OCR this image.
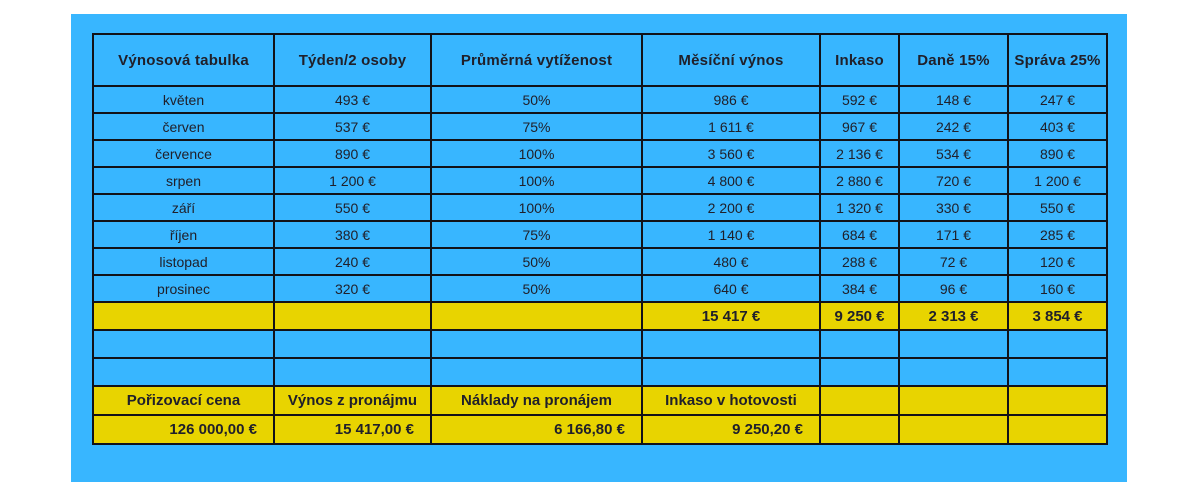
Výnosová tabulka	Týden/2 osoby	Průměrná vytíženost	Měsíční výnos	Inkaso	Daně 15%	Správa 25%
květen	493 €	50%	986 €	592 €	148 €	247 €
červen	537 €	75%	1 611 €	967 €	242 €	403 €
července	890 €	100%	3 560 €	2 136 €	534 €	890 €
srpen	1 200 €	100%	4 800 €	2 880 €	720 €	1 200 €
září	550 €	100%	2 200 €	1 320 €	330 €	550 €
říjen	380 €	75%	1 140 €	684 €	171 €	285 €
listopad	240 €	50%	480 €	288 €	72 €	120 €
prosinec	320 €	50%	640 €	384 €	96 €	160 €
			15 417 €	9 250 €	2 313 €	3 854 €

Pořizovací cena	Výnos z pronájmu	Náklady na pronájem	Inkaso v hotovosti			
126 000,00 €	15 417,00 €	6 166,80 €	9 250,20 €			
